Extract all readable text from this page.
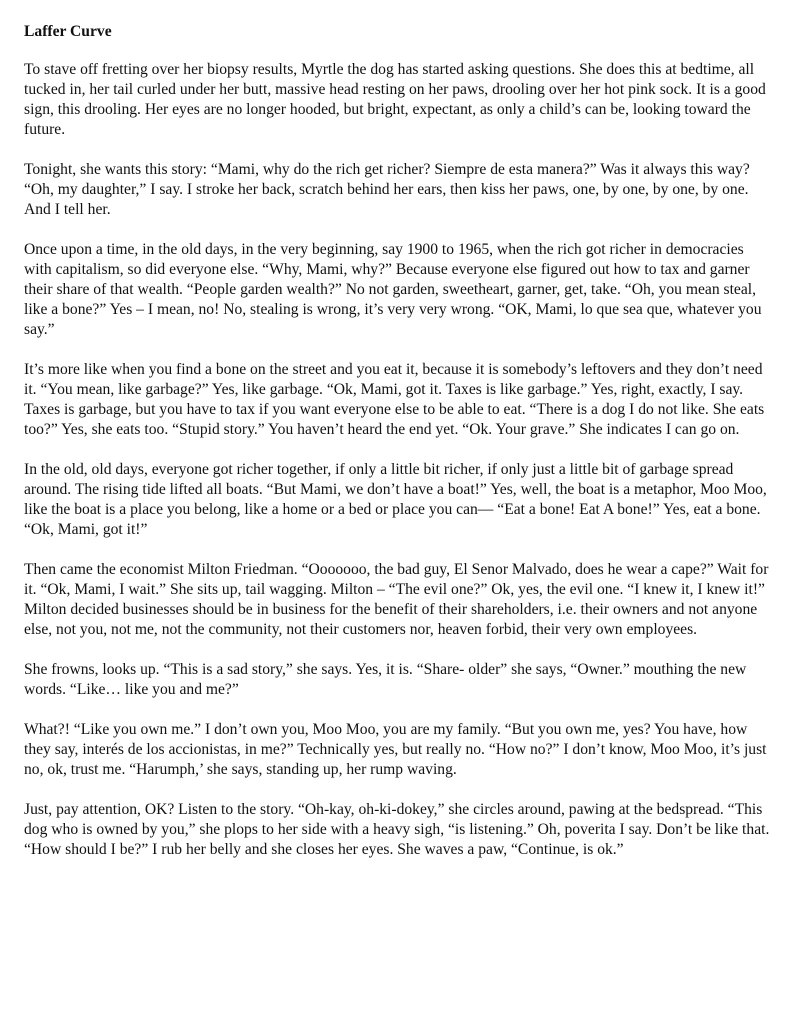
Laffer Curve

To stave off fretting over her biopsy results, Myrtle the dog has started asking questions. She does this at bedtime, all tucked in, her tail curled under her butt, massive head resting on her paws, drooling over her hot pink sock. It is a good sign, this drooling. Her eyes are no longer hooded, but bright, expectant, as only a child’s can be, looking toward the future.

Tonight, she wants this story: “Mami, why do the rich get richer? Siempre de esta manera?” Was it always this way? “Oh, my daughter,” I say. I stroke her back, scratch behind her ears, then kiss her paws, one, by one, by one, by one. And I tell her.

Once upon a time, in the old days, in the very beginning, say 1900 to 1965, when the rich got richer in democracies with capitalism, so did everyone else. “Why, Mami, why?” Because everyone else figured out how to tax and garner their share of that wealth. “People garden wealth?” No not garden, sweetheart, garner, get, take. “Oh, you mean steal, like a bone?” Yes – I mean, no! No, stealing is wrong, it’s very very wrong. “OK, Mami, lo que sea que, whatever you say.”

It’s more like when you find a bone on the street and you eat it, because it is somebody’s leftovers and they don’t need it. “You mean, like garbage?” Yes, like garbage. “Ok, Mami, got it. Taxes is like garbage.” Yes, right, exactly, I say. Taxes is garbage, but you have to tax if you want everyone else to be able to eat. “There is a dog I do not like. She eats too?” Yes, she eats too. “Stupid story.” You haven’t heard the end yet. “Ok. Your grave.” She indicates I can go on.

In the old, old days, everyone got richer together, if only a little bit richer, if only just a little bit of garbage spread around. The rising tide lifted all boats. “But Mami, we don’t have a boat!” Yes, well, the boat is a metaphor, Moo Moo, like the boat is a place you belong, like a home or a bed or place you can— “Eat a bone! Eat A bone!” Yes, eat a bone. “Ok, Mami, got it!”

Then came the economist Milton Friedman. “Ooooooo, the bad guy, El Senor Malvado, does he wear a cape?” Wait for it. “Ok, Mami, I wait.” She sits up, tail wagging. Milton – “The evil one?” Ok, yes, the evil one. “I knew it, I knew it!” Milton decided businesses should be in business for the benefit of their shareholders, i.e. their owners and not anyone else, not you, not me, not the community, not their customers nor, heaven forbid, their very own employees.

She frowns, looks up. “This is a sad story,” she says. Yes, it is. “Share- older” she says, “Owner.” mouthing the new words. “Like… like you and me?”

What?! “Like you own me.” I don’t own you, Moo Moo, you are my family. “But you own me, yes? You have, how they say, interés de los accionistas, in me?” Technically yes, but really no. “How no?” I don’t know, Moo Moo, it’s just no, ok, trust me. “Harumph,’ she says, standing up, her rump waving.

Just, pay attention, OK? Listen to the story. “Oh-kay, oh-ki-dokey,” she circles around, pawing at the bedspread. “This dog who is owned by you,” she plops to her side with a heavy sigh, “is listening.” Oh, poverita I say. Don’t be like that. “How should I be?” I rub her belly and she closes her eyes. She waves a paw, “Continue, is ok.”
